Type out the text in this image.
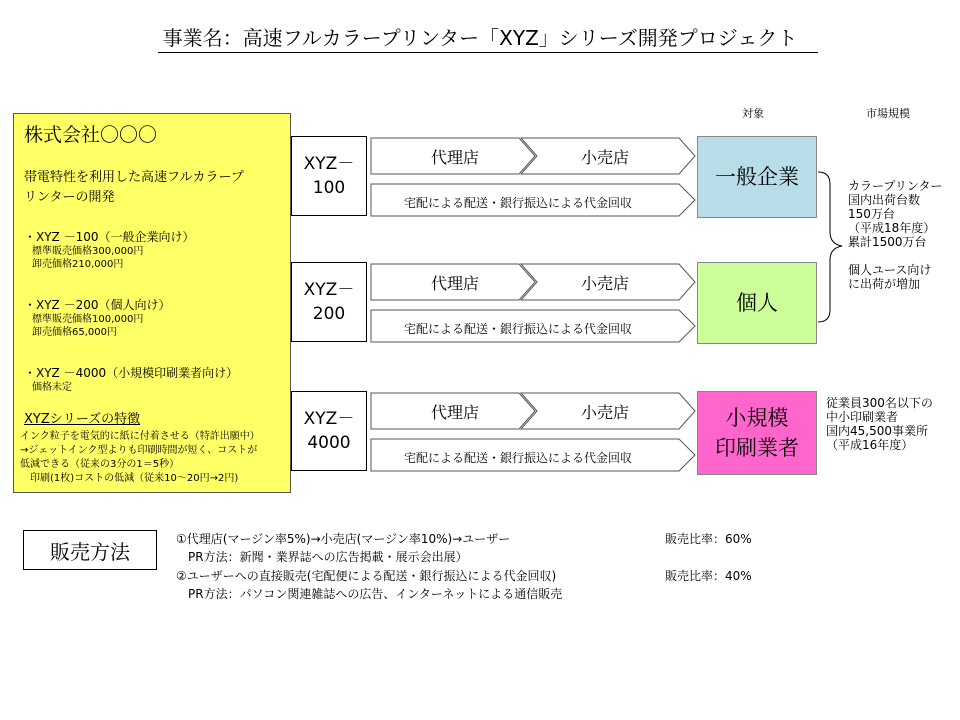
事業名：高速フルカラープリンター「XYZ」シリーズ開発プロジェクト
対象	市場規模
株式会社〇〇〇
帯電特性を利用した高速フルカラープ
リンターの開発
・XYZ －100（一般企業向け）
標準販売価格300,000円
卸売価格210,000円
・XYZ －200（個人向け）
標準販売価格100,000円
卸売価格65,000円
・XYZ －4000（小規模印刷業者向け）
価格未定
XYZシリーズの特徴
インク粒子を電気的に紙に付着させる（特許出願中）
→ジェットインク型よりも印刷時間が短く、コストが
低減できる（従来の3分の1＝5秒）
　印刷(1枚)コストの低減（従来10～20円→2円)
XYZ－
100
代理店	小売店
宅配による配送・銀行振込による代金回収
一般企業
XYZ－
200
代理店	小売店
宅配による配送・銀行振込による代金回収
個人
XYZ－
4000
代理店	小売店
宅配による配送・銀行振込による代金回収
小規模
印刷業者
カラープリンター
国内出荷台数
150万台
（平成18年度）
累計1500万台

個人ユース向け
に出荷が増加
従業員300名以下の
中小印刷業者
国内45,500事業所
（平成16年度）
販売方法
①代理店(マージン率5%)→小売店(マージン率10%)→ユーザー	販売比率：60%
　PR方法：新聞・業界誌への広告掲載・展示会出展）
②ユーザーへの直接販売(宅配便による配送・銀行振込による代金回収)	販売比率：40%
　PR方法：パソコン関連雑誌への広告、インターネットによる通信販売
